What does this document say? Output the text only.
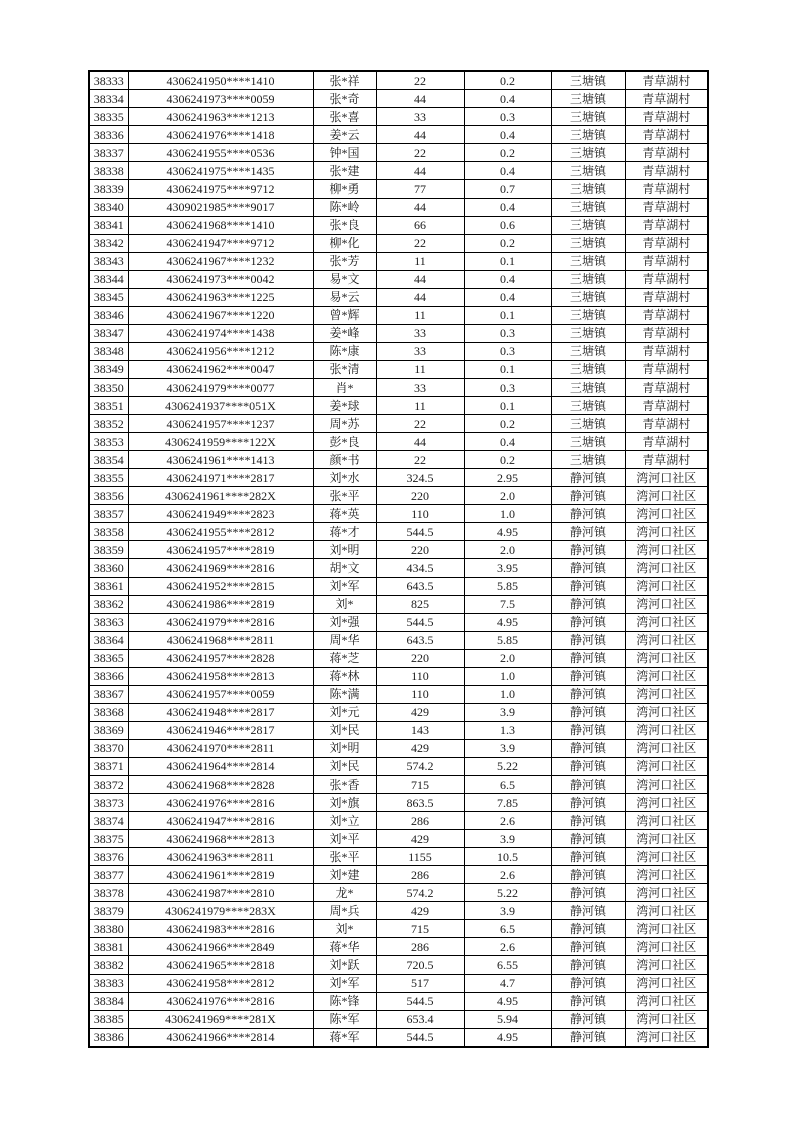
38333	4306241950****1410	张*祥	22	0.2	三塘镇	青草湖村
38334	4306241973****0059	张*奇	44	0.4	三塘镇	青草湖村
38335	4306241963****1213	张*喜	33	0.3	三塘镇	青草湖村
38336	4306241976****1418	姜*云	44	0.4	三塘镇	青草湖村
38337	4306241955****0536	钟*国	22	0.2	三塘镇	青草湖村
38338	4306241975****1435	张*建	44	0.4	三塘镇	青草湖村
38339	4306241975****9712	柳*勇	77	0.7	三塘镇	青草湖村
38340	4309021985****9017	陈*岭	44	0.4	三塘镇	青草湖村
38341	4306241968****1410	张*良	66	0.6	三塘镇	青草湖村
38342	4306241947****9712	柳*化	22	0.2	三塘镇	青草湖村
38343	4306241967****1232	张*芳	11	0.1	三塘镇	青草湖村
38344	4306241973****0042	易*文	44	0.4	三塘镇	青草湖村
38345	4306241963****1225	易*云	44	0.4	三塘镇	青草湖村
38346	4306241967****1220	曾*辉	11	0.1	三塘镇	青草湖村
38347	4306241974****1438	姜*峰	33	0.3	三塘镇	青草湖村
38348	4306241956****1212	陈*康	33	0.3	三塘镇	青草湖村
38349	4306241962****0047	张*清	11	0.1	三塘镇	青草湖村
38350	4306241979****0077	肖*	33	0.3	三塘镇	青草湖村
38351	4306241937****051X	姜*球	11	0.1	三塘镇	青草湖村
38352	4306241957****1237	周*苏	22	0.2	三塘镇	青草湖村
38353	4306241959****122X	彭*良	44	0.4	三塘镇	青草湖村
38354	4306241961****1413	颜*书	22	0.2	三塘镇	青草湖村
38355	4306241971****2817	刘*水	324.5	2.95	静河镇	湾河口社区
38356	4306241961****282X	张*平	220	2.0	静河镇	湾河口社区
38357	4306241949****2823	蒋*英	110	1.0	静河镇	湾河口社区
38358	4306241955****2812	蒋*才	544.5	4.95	静河镇	湾河口社区
38359	4306241957****2819	刘*明	220	2.0	静河镇	湾河口社区
38360	4306241969****2816	胡*文	434.5	3.95	静河镇	湾河口社区
38361	4306241952****2815	刘*军	643.5	5.85	静河镇	湾河口社区
38362	4306241986****2819	刘*	825	7.5	静河镇	湾河口社区
38363	4306241979****2816	刘*强	544.5	4.95	静河镇	湾河口社区
38364	4306241968****2811	周*华	643.5	5.85	静河镇	湾河口社区
38365	4306241957****2828	蒋*芝	220	2.0	静河镇	湾河口社区
38366	4306241958****2813	蒋*林	110	1.0	静河镇	湾河口社区
38367	4306241957****0059	陈*满	110	1.0	静河镇	湾河口社区
38368	4306241948****2817	刘*元	429	3.9	静河镇	湾河口社区
38369	4306241946****2817	刘*民	143	1.3	静河镇	湾河口社区
38370	4306241970****2811	刘*明	429	3.9	静河镇	湾河口社区
38371	4306241964****2814	刘*民	574.2	5.22	静河镇	湾河口社区
38372	4306241968****2828	张*香	715	6.5	静河镇	湾河口社区
38373	4306241976****2816	刘*旗	863.5	7.85	静河镇	湾河口社区
38374	4306241947****2816	刘*立	286	2.6	静河镇	湾河口社区
38375	4306241968****2813	刘*平	429	3.9	静河镇	湾河口社区
38376	4306241963****2811	张*平	1155	10.5	静河镇	湾河口社区
38377	4306241961****2819	刘*建	286	2.6	静河镇	湾河口社区
38378	4306241987****2810	龙*	574.2	5.22	静河镇	湾河口社区
38379	4306241979****283X	周*兵	429	3.9	静河镇	湾河口社区
38380	4306241983****2816	刘*	715	6.5	静河镇	湾河口社区
38381	4306241966****2849	蒋*华	286	2.6	静河镇	湾河口社区
38382	4306241965****2818	刘*跃	720.5	6.55	静河镇	湾河口社区
38383	4306241958****2812	刘*军	517	4.7	静河镇	湾河口社区
38384	4306241976****2816	陈*锋	544.5	4.95	静河镇	湾河口社区
38385	4306241969****281X	陈*军	653.4	5.94	静河镇	湾河口社区
38386	4306241966****2814	蒋*军	544.5	4.95	静河镇	湾河口社区
